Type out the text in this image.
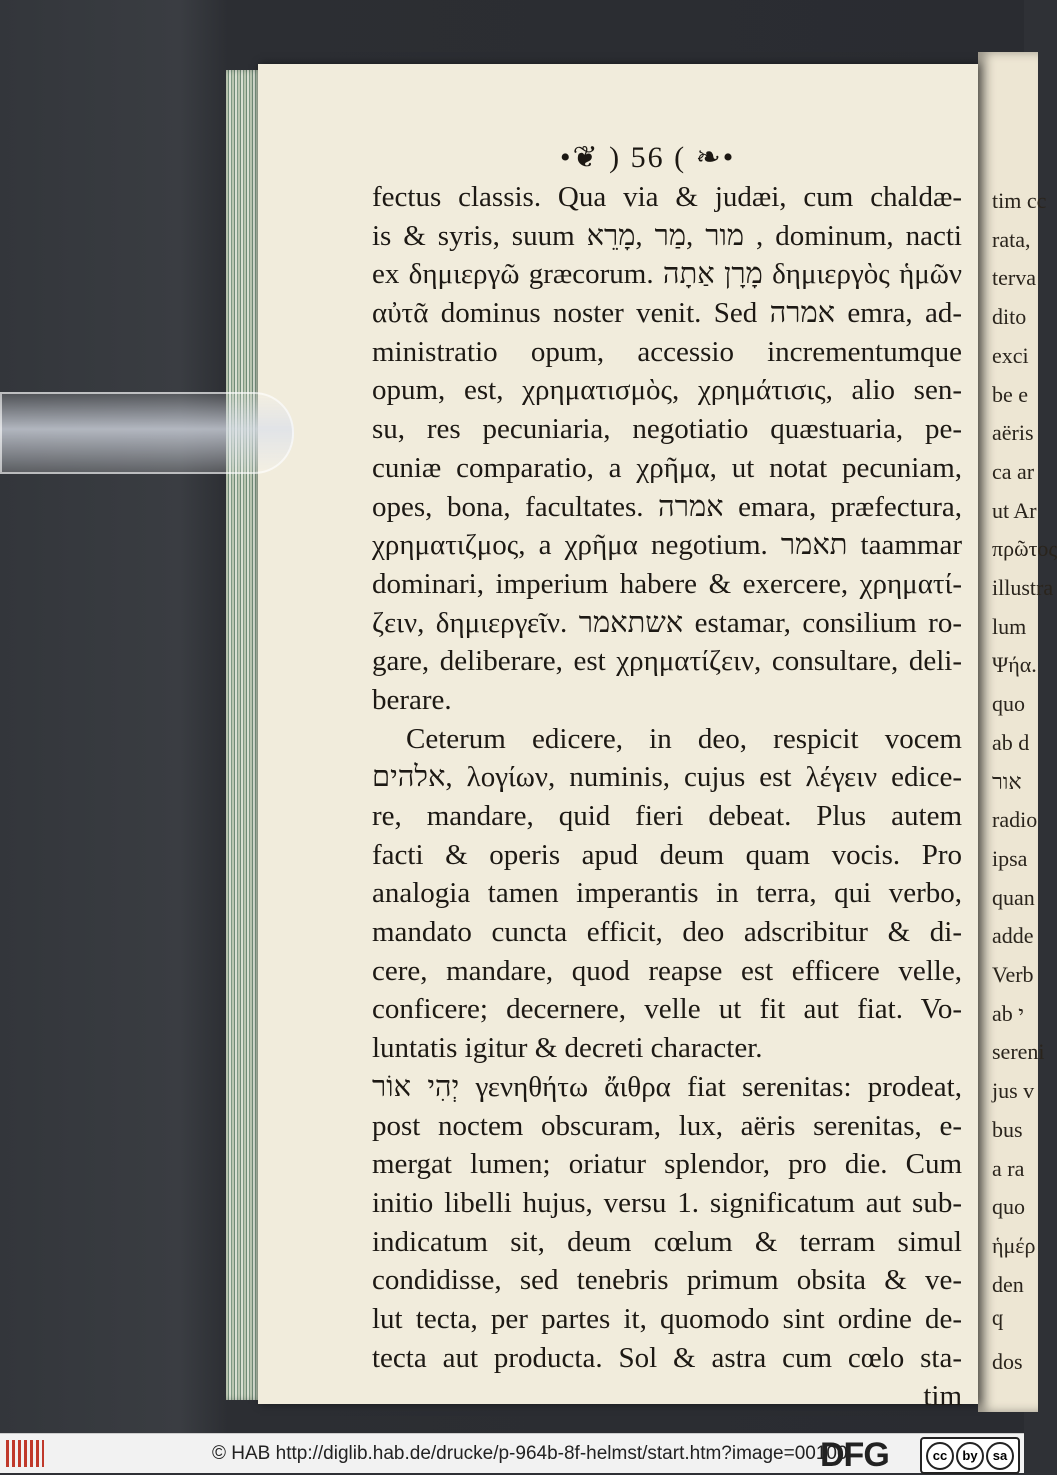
tim cc
rata,
terva
dito
exci
be e
aëris
ca ar
ut Ar
πρῶτος
illustra
lum
Ψήα.
quo
ab d
אור
radio
ipsa
quan
adde
Verb
ab י
sereni
jus v
bus
a ra
quo
ἡμέρ
den
ϥ
dos
•❦ ) 56 ( ❧•
fectus classis. Qua via & judæi, cum chaldæ-
is & syris, suum מור ,מַר ,מָרֵא , dominum, nacti
ex δημιεργῶ græcorum. מָרָן אַתָה δημιεργὸς ἡμῶν
αὐτᾶ dominus noster venit. Sed אמרה emra, ad-
ministratio opum, accessio incrementumque
opum, est, χρηματισμὸς, χρημάτισις, alio sen-
su, res pecuniaria, negotiatio quæstuaria, pe-
cuniæ comparatio, a χρῆμα, ut notat pecuniam,
opes, bona, facultates. אמרה emara, præfectura,
χρηματιζμος, a χρῆμα negotium. תאמר taammar
dominari, imperium habere & exercere, χρηματί-
ζειν, δημιεργεῖν. אשתאמר estamar, consilium ro-
gare, deliberare, est χρηματίζειν, consultare, deli-
berare.
Ceterum edicere, in deo, respicit vocem
אלהים, λογίων, numinis, cujus est λέγειν edice-
re, mandare, quid fieri debeat. Plus autem
facti & operis apud deum quam vocis. Pro
analogia tamen imperantis in terra, qui verbo,
mandato cuncta efficit, deo adscribitur & di-
cere, mandare, quod reapse est efficere velle,
conficere; decernere, velle ut fit aut fiat. Vo-
luntatis igitur & decreti character.
יְהִי אוֹר γενηθήτω ἄιθρα fiat serenitas: prodeat,
post noctem obscuram, lux, aëris serenitas, e-
mergat lumen; oriatur splendor, pro die. Cum
initio libelli hujus, versu 1. significatum aut sub-
indicatum sit, deum cœlum & terram simul
condidisse, sed tenebris primum obsita & ve-
lut tecta, per partes it, quomodo sint ordine de-
tecta aut producta. Sol & astra cum cœlo sta-
tim
© HAB http://diglib.hab.de/drucke/p-964b-8f-helmst/start.htm?image=00100
DFG	cc	by	sa
